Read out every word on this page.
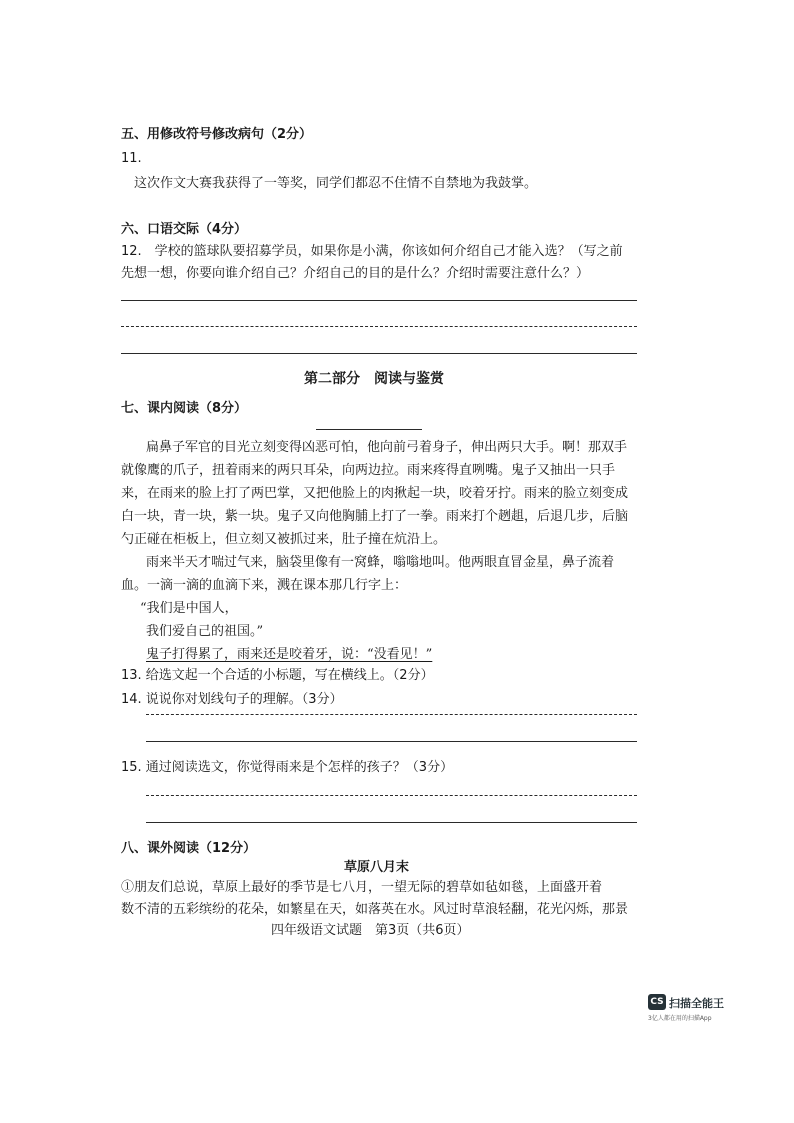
五、用修改符号修改病句（2分）
11.
这次作文大赛我获得了一等奖，同学们都忍不住情不自禁地为我鼓掌。
六、口语交际（4分）
12.　学校的篮球队要招募学员，如果你是小满，你该如何介绍自己才能入选？（写之前
先想一想，你要向谁介绍自己？介绍自己的目的是什么？介绍时需要注意什么？）
第二部分　阅读与鉴赏
七、课内阅读（8分）
扁鼻子军官的目光立刻变得凶恶可怕，他向前弓着身子，伸出两只大手。啊！那双手
就像鹰的爪子，扭着雨来的两只耳朵，向两边拉。雨来疼得直咧嘴。鬼子又抽出一只手
来，在雨来的脸上打了两巴掌，又把他脸上的肉揪起一块，咬着牙拧。雨来的脸立刻变成
白一块，青一块，紫一块。鬼子又向他胸脯上打了一拳。雨来打个趔趄，后退几步，后脑
勺正碰在柜板上，但立刻又被抓过来，肚子撞在炕沿上。
雨来半天才喘过气来，脑袋里像有一窝蜂，嗡嗡地叫。他两眼直冒金星，鼻子流着
血。一滴一滴的血滴下来，溅在课本那几行字上：
“我们是中国人，
我们爱自己的祖国。”
鬼子打得累了，雨来还是咬着牙，说：“没看见！”
13. 给选文起一个合适的小标题，写在横线上。（2分）
14. 说说你对划线句子的理解。（3分）
15. 通过阅读选文，你觉得雨来是个怎样的孩子？（3分）
八、课外阅读（12分）
草原八月末
①朋友们总说，草原上最好的季节是七八月，一望无际的碧草如毡如毯，上面盛开着
数不清的五彩缤纷的花朵，如繁星在天，如落英在水。风过时草浪轻翻，花光闪烁，那景
四年级语文试题　第3页（共6页）
CS 扫描全能王
3亿人都在用的扫描App
